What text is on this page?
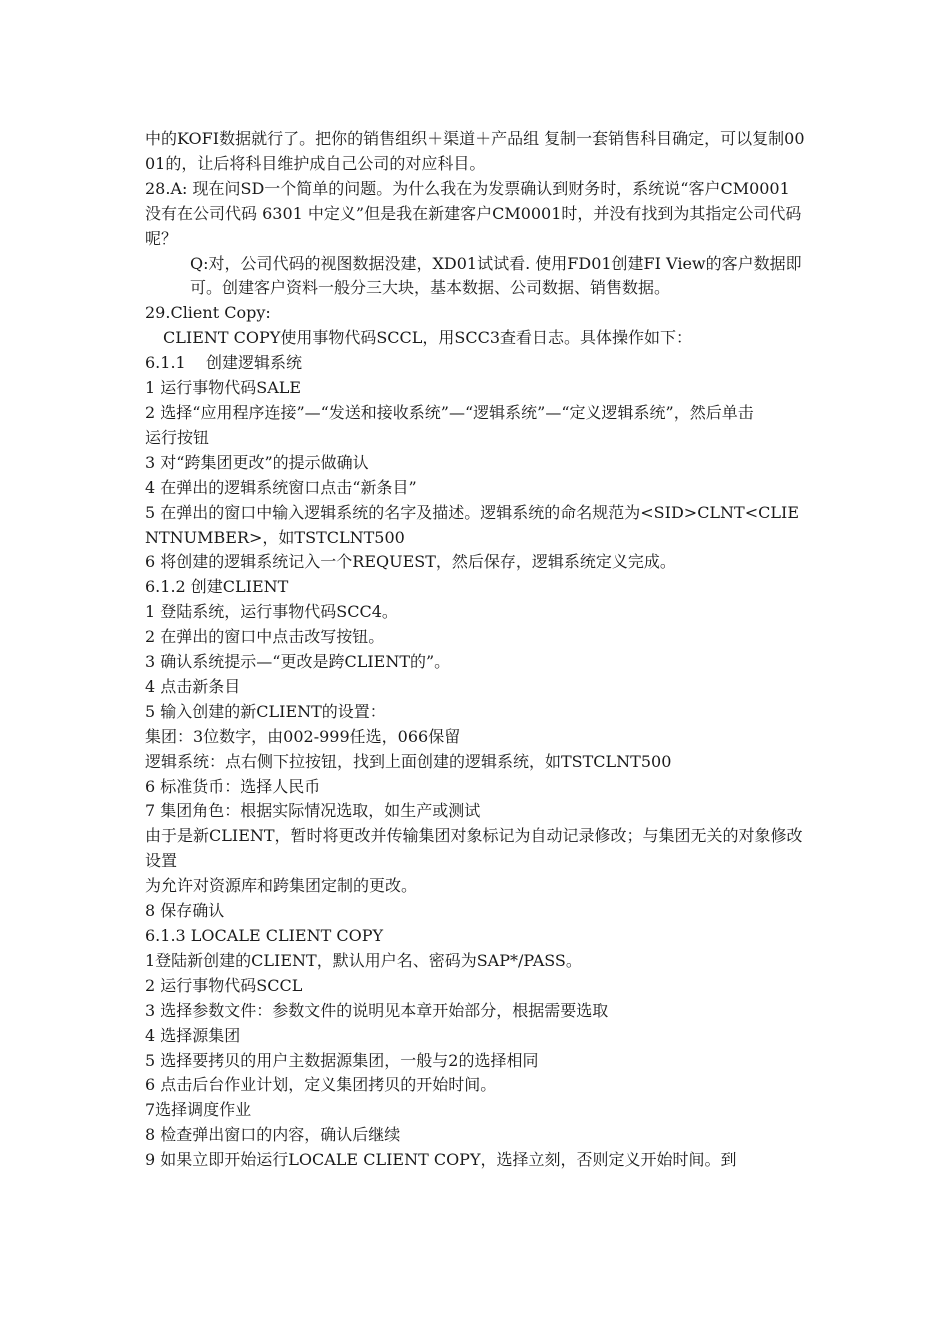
中的KOFI数据就行了。把你的销售组织＋渠道＋产品组 复制一套销售科目确定，可以复制0001的，让后将科目维护成自己公司的对应科目。

28.A: 现在问SD一个简单的问题。为什么我在为发票确认到财务时，系统说“客户CM0001 没有在公司代码 6301 中定义”但是我在新建客户CM0001时，并没有找到为其指定公司代码呢？

Q:对，公司代码的视图数据没建，XD01试试看. 使用FD01创建FI View的客户数据即可。创建客户资料一般分三大块，基本数据、公司数据、销售数据。

29.Client Copy:

CLIENT COPY使用事物代码SCCL，用SCC3查看日志。具体操作如下：

6.1.1    创建逻辑系统

1 运行事物代码SALE

2 选择“应用程序连接”—“发送和接收系统”—“逻辑系统”—“定义逻辑系统”，然后单击

运行按钮

3 对“跨集团更改”的提示做确认

4 在弹出的逻辑系统窗口点击“新条目”

5 在弹出的窗口中输入逻辑系统的名字及描述。逻辑系统的命名规范为<SID>CLNT<CLIENTNUMBER>，如TSTCLNT500

6 将创建的逻辑系统记入一个REQUEST，然后保存，逻辑系统定义完成。

6.1.2 创建CLIENT

1 登陆系统，运行事物代码SCC4。

2 在弹出的窗口中点击改写按钮。

3 确认系统提示—“更改是跨CLIENT的”。

4 点击新条目

5 输入创建的新CLIENT的设置：

集团：3位数字，由002-999任选，066保留

逻辑系统：点右侧下拉按钮，找到上面创建的逻辑系统，如TSTCLNT500

6 标准货币：选择人民币

7 集团角色：根据实际情况选取，如生产或测试

由于是新CLIENT，暂时将更改并传输集团对象标记为自动记录修改；与集团无关的对象修改设置

为允许对资源库和跨集团定制的更改。

8 保存确认

6.1.3 LOCALE CLIENT COPY

1登陆新创建的CLIENT，默认用户名、密码为SAP*/PASS。

2 运行事物代码SCCL

3 选择参数文件：参数文件的说明见本章开始部分，根据需要选取

4 选择源集团

5 选择要拷贝的用户主数据源集团，一般与2的选择相同

6 点击后台作业计划，定义集团拷贝的开始时间。

7选择调度作业

8 检查弹出窗口的内容，确认后继续

9 如果立即开始运行LOCALE CLIENT COPY，选择立刻，否则定义开始时间。到
